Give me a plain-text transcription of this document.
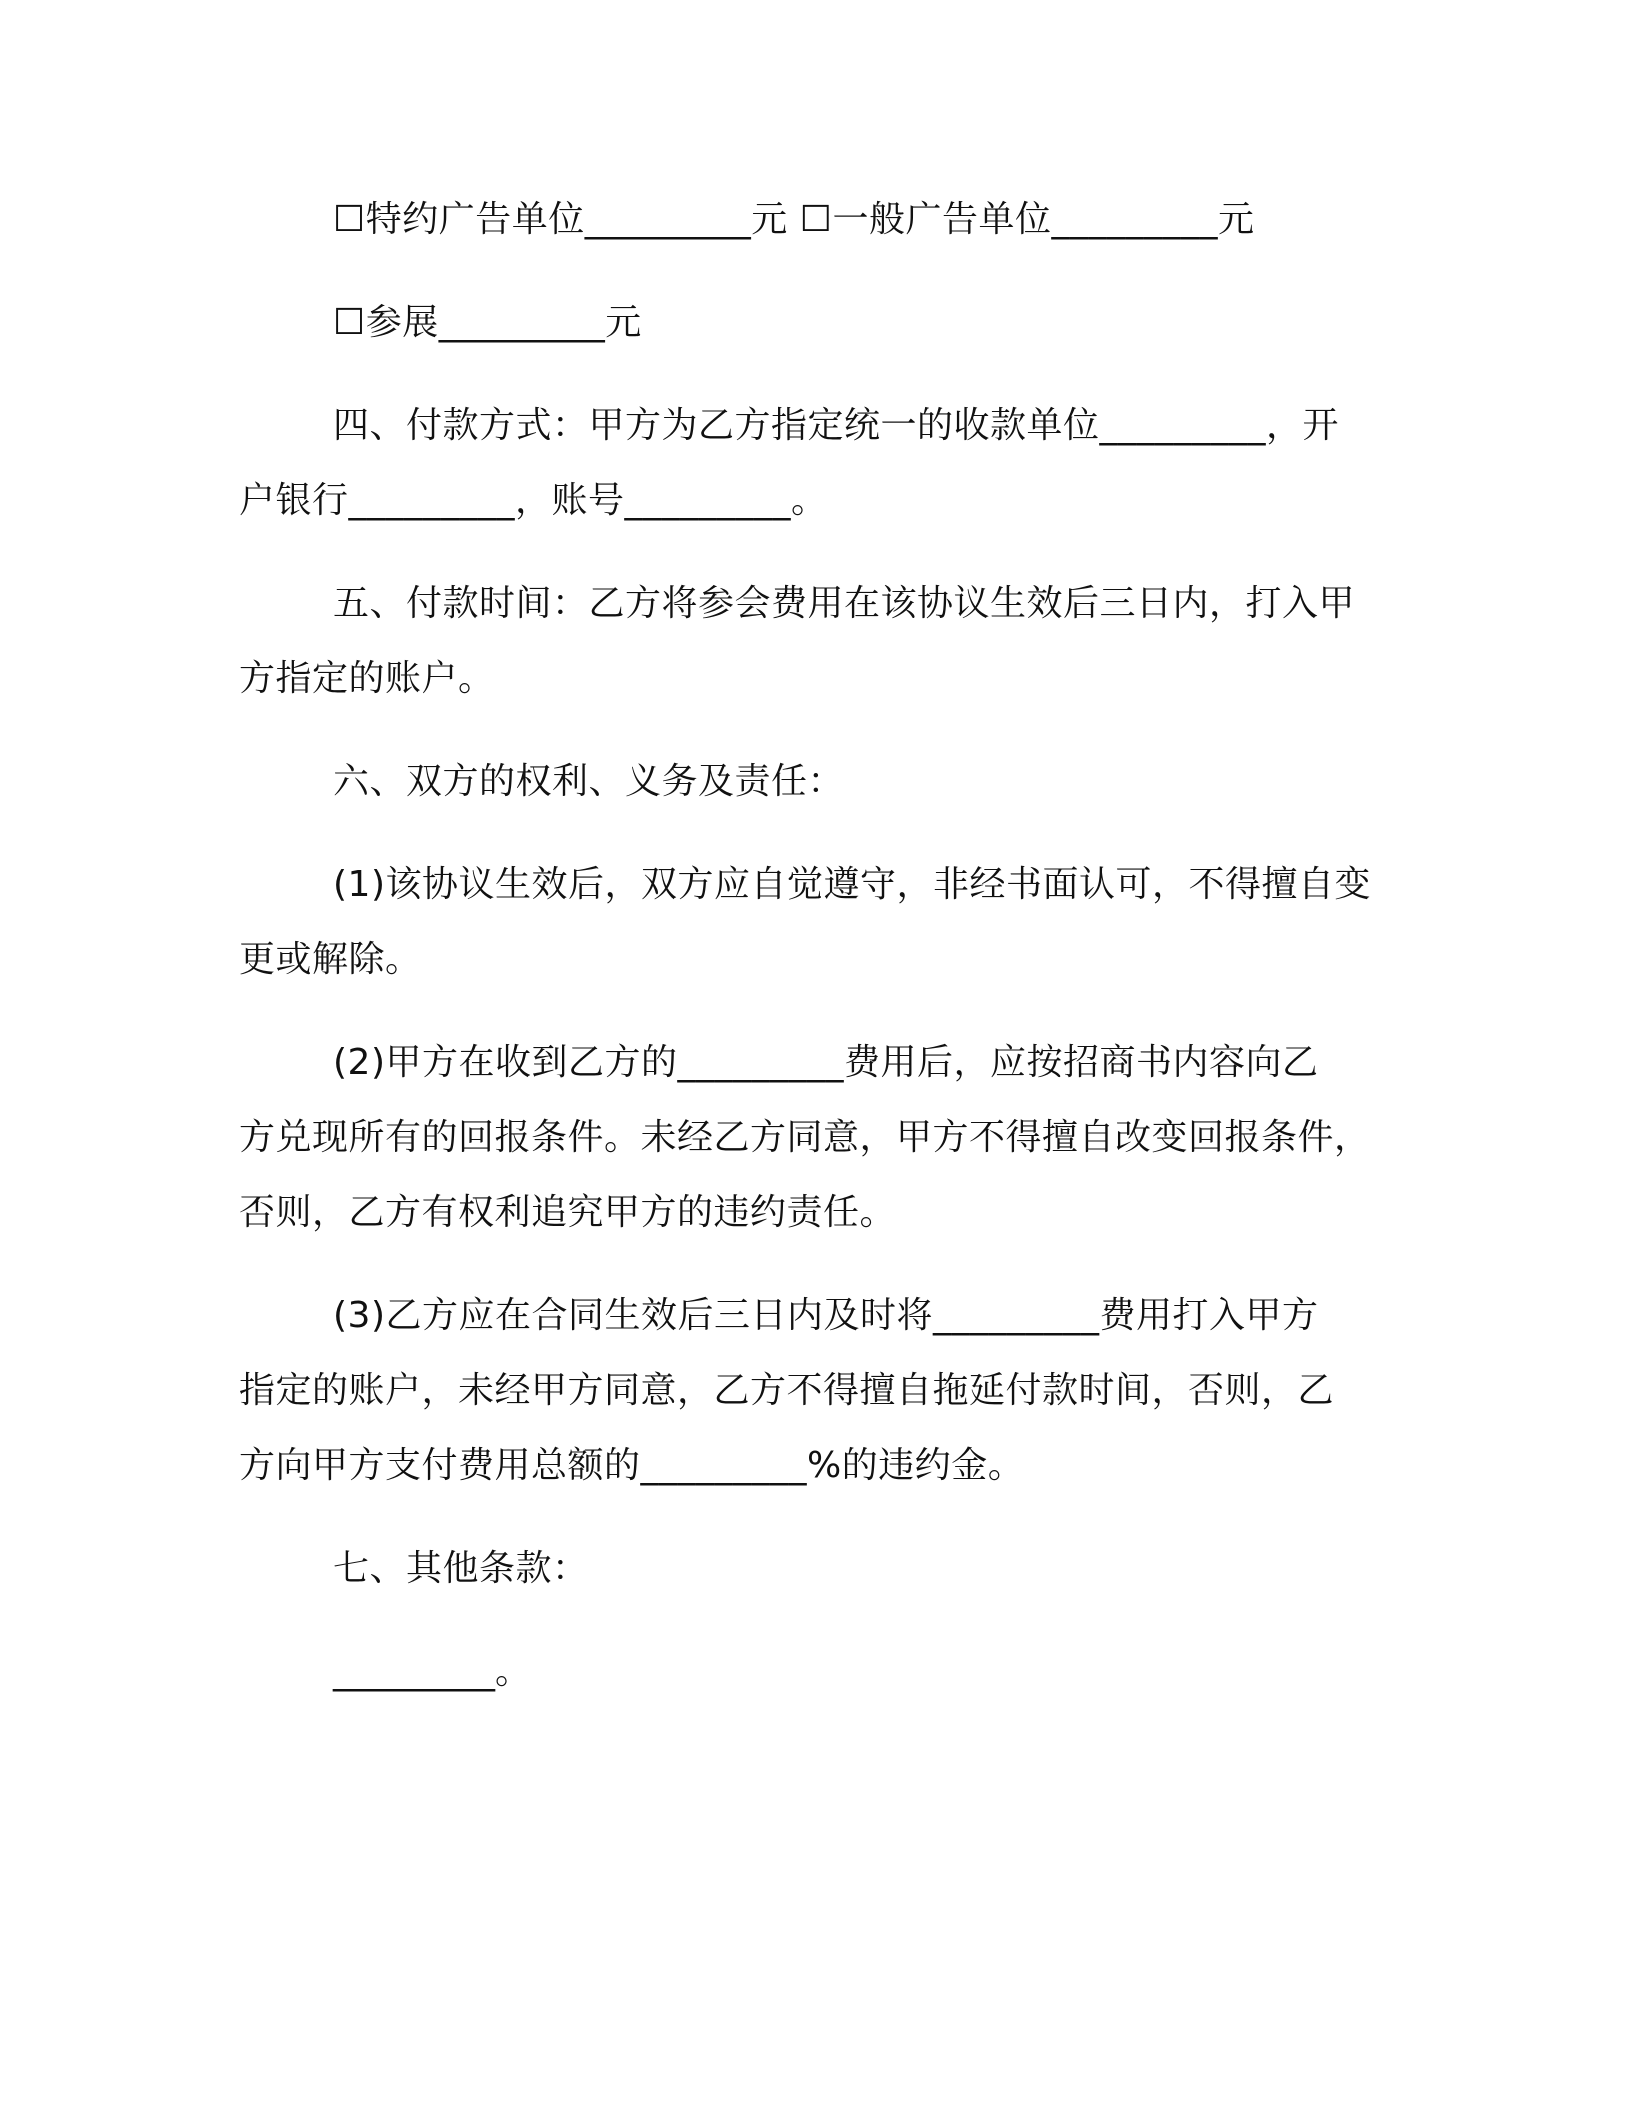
☐特约广告单位_________元 ☐一般广告单位_________元
☐参展_________元
四、付款方式：甲方为乙方指定统一的收款单位_________，开
户银行_________，账号_________。
五、付款时间：乙方将参会费用在该协议生效后三日内，打入甲
方指定的账户。
六、双方的权利、义务及责任：
(1)该协议生效后，双方应自觉遵守，非经书面认可，不得擅自变
更或解除。
(2)甲方在收到乙方的_________费用后，应按招商书内容向乙
方兑现所有的回报条件。未经乙方同意，甲方不得擅自改变回报条件，
否则，乙方有权利追究甲方的违约责任。
(3)乙方应在合同生效后三日内及时将_________费用打入甲方
指定的账户，未经甲方同意，乙方不得擅自拖延付款时间，否则，乙
方向甲方支付费用总额的_________%的违约金。
七、其他条款：
_________。
